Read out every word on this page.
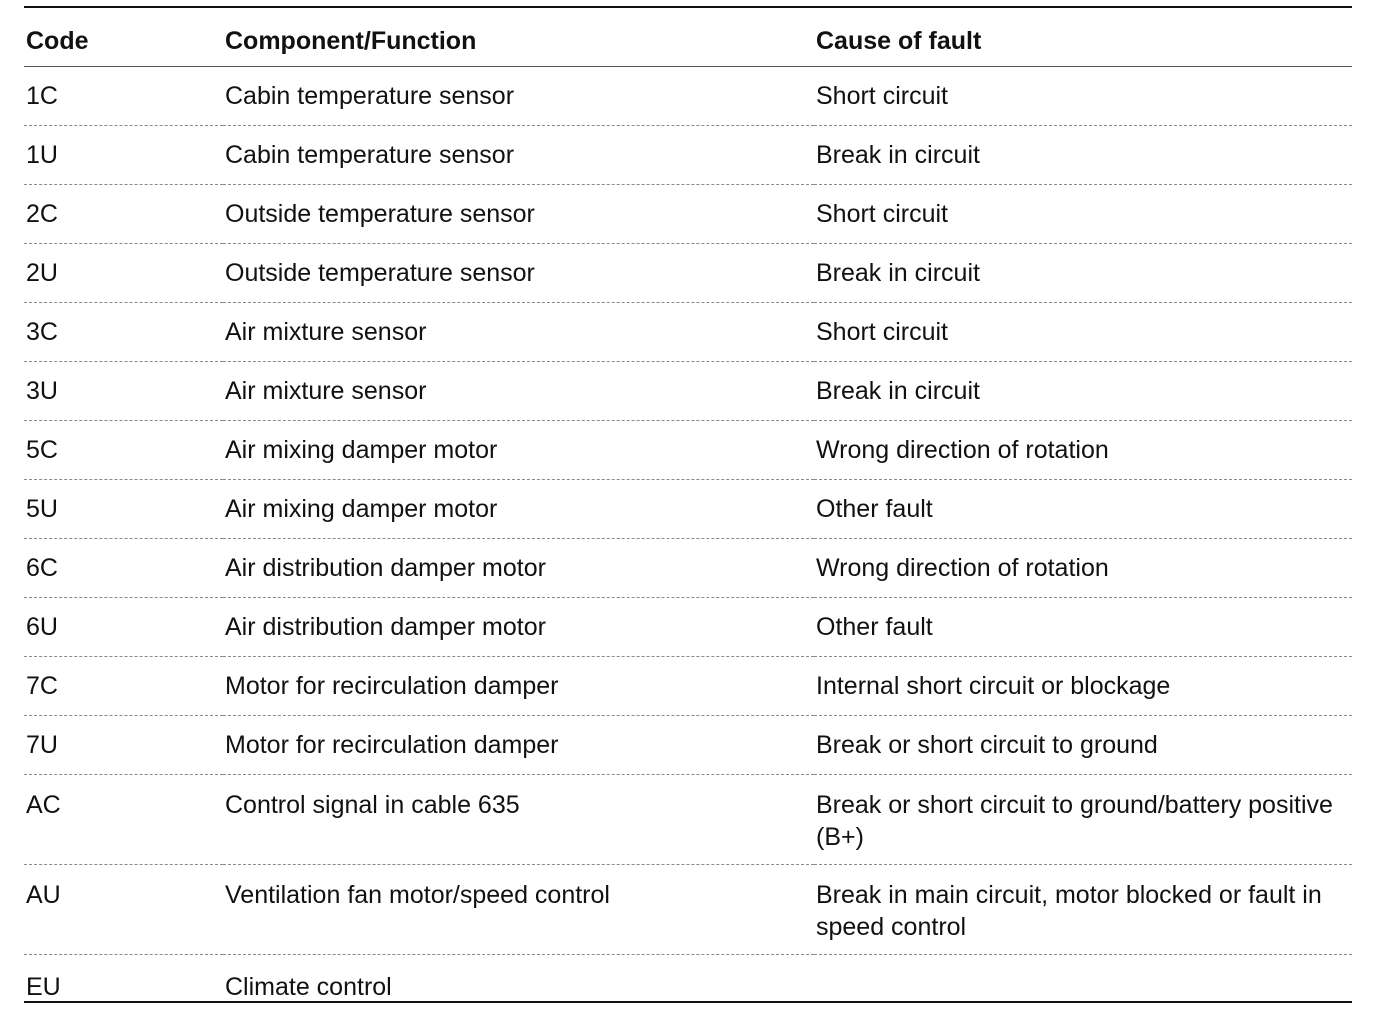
Code	Component/Function	Cause of fault
1C	Cabin temperature sensor	Short circuit
1U	Cabin temperature sensor	Break in circuit
2C	Outside temperature sensor	Short circuit
2U	Outside temperature sensor	Break in circuit
3C	Air mixture sensor	Short circuit
3U	Air mixture sensor	Break in circuit
5C	Air mixing damper motor	Wrong direction of rotation
5U	Air mixing damper motor	Other fault
6C	Air distribution damper motor	Wrong direction of rotation
6U	Air distribution damper motor	Other fault
7C	Motor for recirculation damper	Internal short circuit or blockage
7U	Motor for recirculation damper	Break or short circuit to ground
AC	Control signal in cable 635	Break or short circuit to ground/battery positive (B+)
AU	Ventilation fan motor/speed control	Break in main circuit, motor blocked or fault in speed control
EU	Climate control	
